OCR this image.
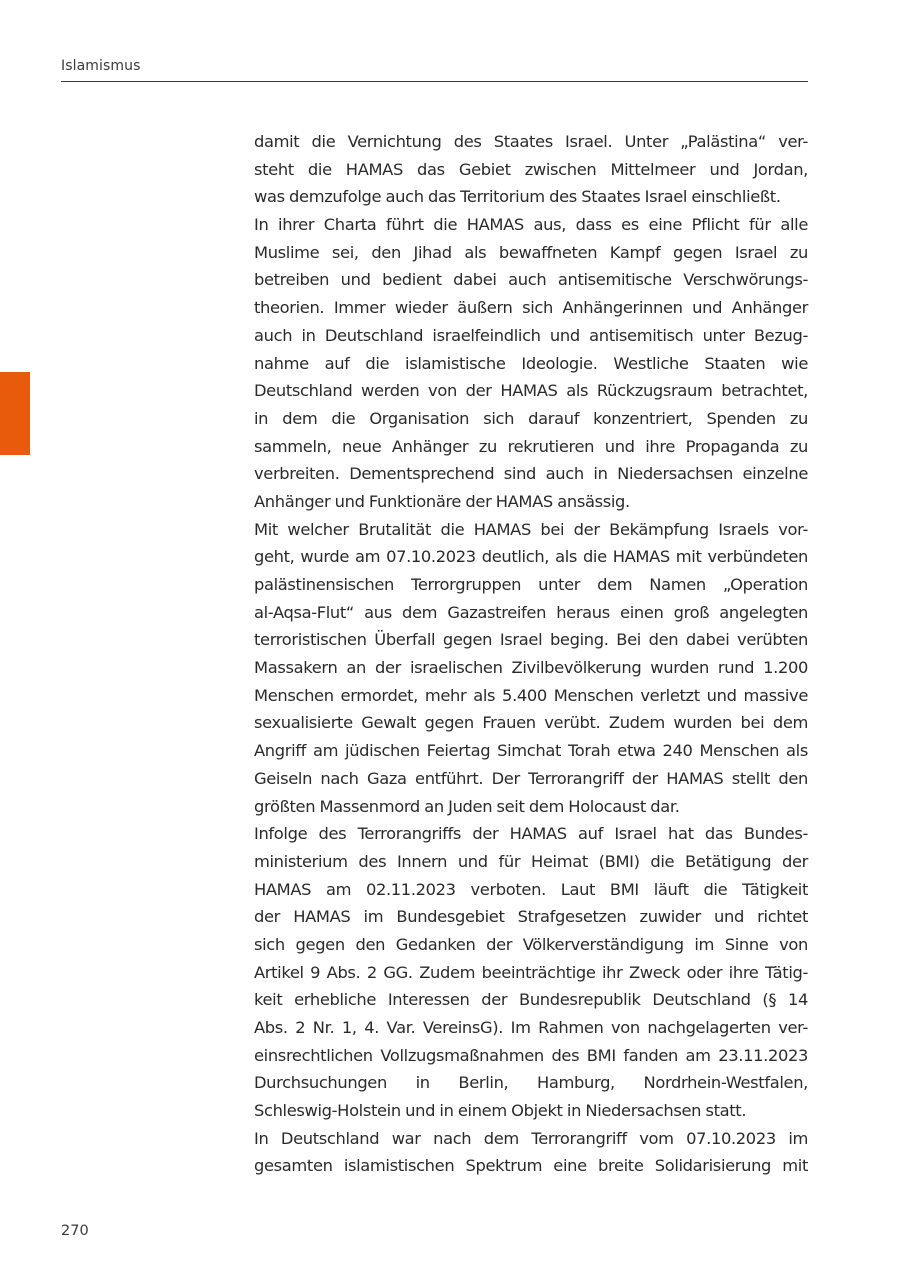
Islamismus
damit die Vernichtung des Staates Israel. Unter „Palästina“ ver-
steht die HAMAS das Gebiet zwischen Mittelmeer und Jordan,
was demzufolge auch das Territorium des Staates Israel einschließt.
In ihrer Charta führt die HAMAS aus, dass es eine Pflicht für alle
Muslime sei, den Jihad als bewaffneten Kampf gegen Israel zu
betreiben und bedient dabei auch antisemitische Verschwörungs-
theorien. Immer wieder äußern sich Anhängerinnen und Anhänger
auch in Deutschland israelfeindlich und antisemitisch unter Bezug-
nahme auf die islamistische Ideologie. Westliche Staaten wie
Deutschland werden von der HAMAS als Rückzugsraum betrachtet,
in dem die Organisation sich darauf konzentriert, Spenden zu
sammeln, neue Anhänger zu rekrutieren und ihre Propaganda zu
verbreiten. Dementsprechend sind auch in Niedersachsen einzelne
Anhänger und Funktionäre der HAMAS ansässig.
Mit welcher Brutalität die HAMAS bei der Bekämpfung Israels vor-
geht, wurde am 07.10.2023 deutlich, als die HAMAS mit verbündeten
palästinensischen Terrorgruppen unter dem Namen „Operation
al-Aqsa-Flut“ aus dem Gazastreifen heraus einen groß angelegten
terroristischen Überfall gegen Israel beging. Bei den dabei verübten
Massakern an der israelischen Zivilbevölkerung wurden rund 1.200
Menschen ermordet, mehr als 5.400 Menschen verletzt und massive
sexualisierte Gewalt gegen Frauen verübt. Zudem wurden bei dem
Angriff am jüdischen Feiertag Simchat Torah etwa 240 Menschen als
Geiseln nach Gaza entführt. Der Terrorangriff der HAMAS stellt den
größten Massenmord an Juden seit dem Holocaust dar.
Infolge des Terrorangriffs der HAMAS auf Israel hat das Bundes-
ministerium des Innern und für Heimat (BMI) die Betätigung der
HAMAS am 02.11.2023 verboten. Laut BMI läuft die Tätigkeit
der HAMAS im Bundesgebiet Strafgesetzen zuwider und richtet
sich gegen den Gedanken der Völkerverständigung im Sinne von
Artikel 9 Abs. 2 GG. Zudem beeinträchtige ihr Zweck oder ihre Tätig-
keit erhebliche Interessen der Bundesrepublik Deutschland (§ 14
Abs. 2 Nr. 1, 4. Var. VereinsG). Im Rahmen von nachgelagerten ver-
einsrechtlichen Vollzugsmaßnahmen des BMI fanden am 23.11.2023
Durchsuchungen in Berlin, Hamburg, Nordrhein-Westfalen,
Schleswig-Holstein und in einem Objekt in Niedersachsen statt.
In Deutschland war nach dem Terrorangriff vom 07.10.2023 im
gesamten islamistischen Spektrum eine breite Solidarisierung mit
270
